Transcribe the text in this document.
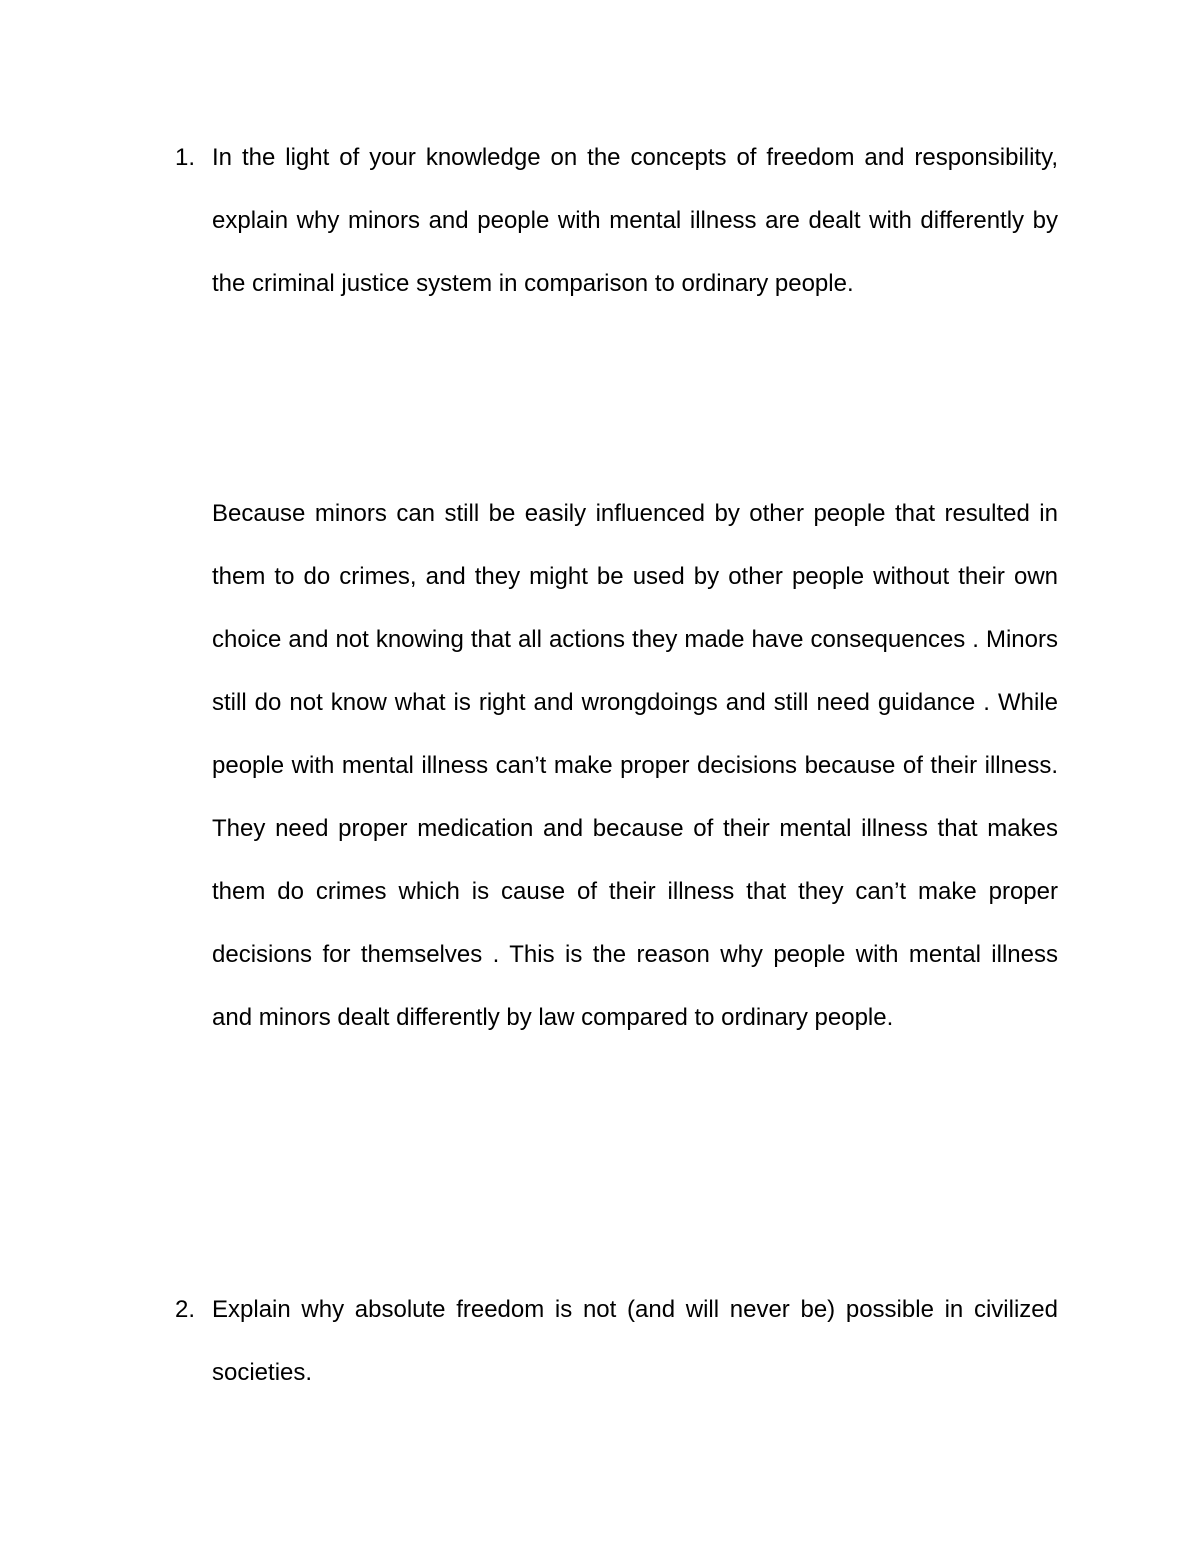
1. In the light of your knowledge on the concepts of freedom and responsibility, explain why minors and people with mental illness are dealt with differently by the criminal justice system in comparison to ordinary people.
Because minors can still be easily influenced by other people that resulted in them to do crimes, and they might be used by other people without their own choice and not knowing that all actions they made have consequences . Minors still do not know what is right and wrongdoings and still need guidance . While people with mental illness can’t make proper decisions because of their illness. They need proper medication and because of their mental illness that makes them do crimes which is cause of their illness that they can’t make proper decisions for themselves . This is the reason why people with mental illness and minors dealt differently by law compared to ordinary people.
2. Explain why absolute freedom is not (and will never be) possible in civilized societies.
